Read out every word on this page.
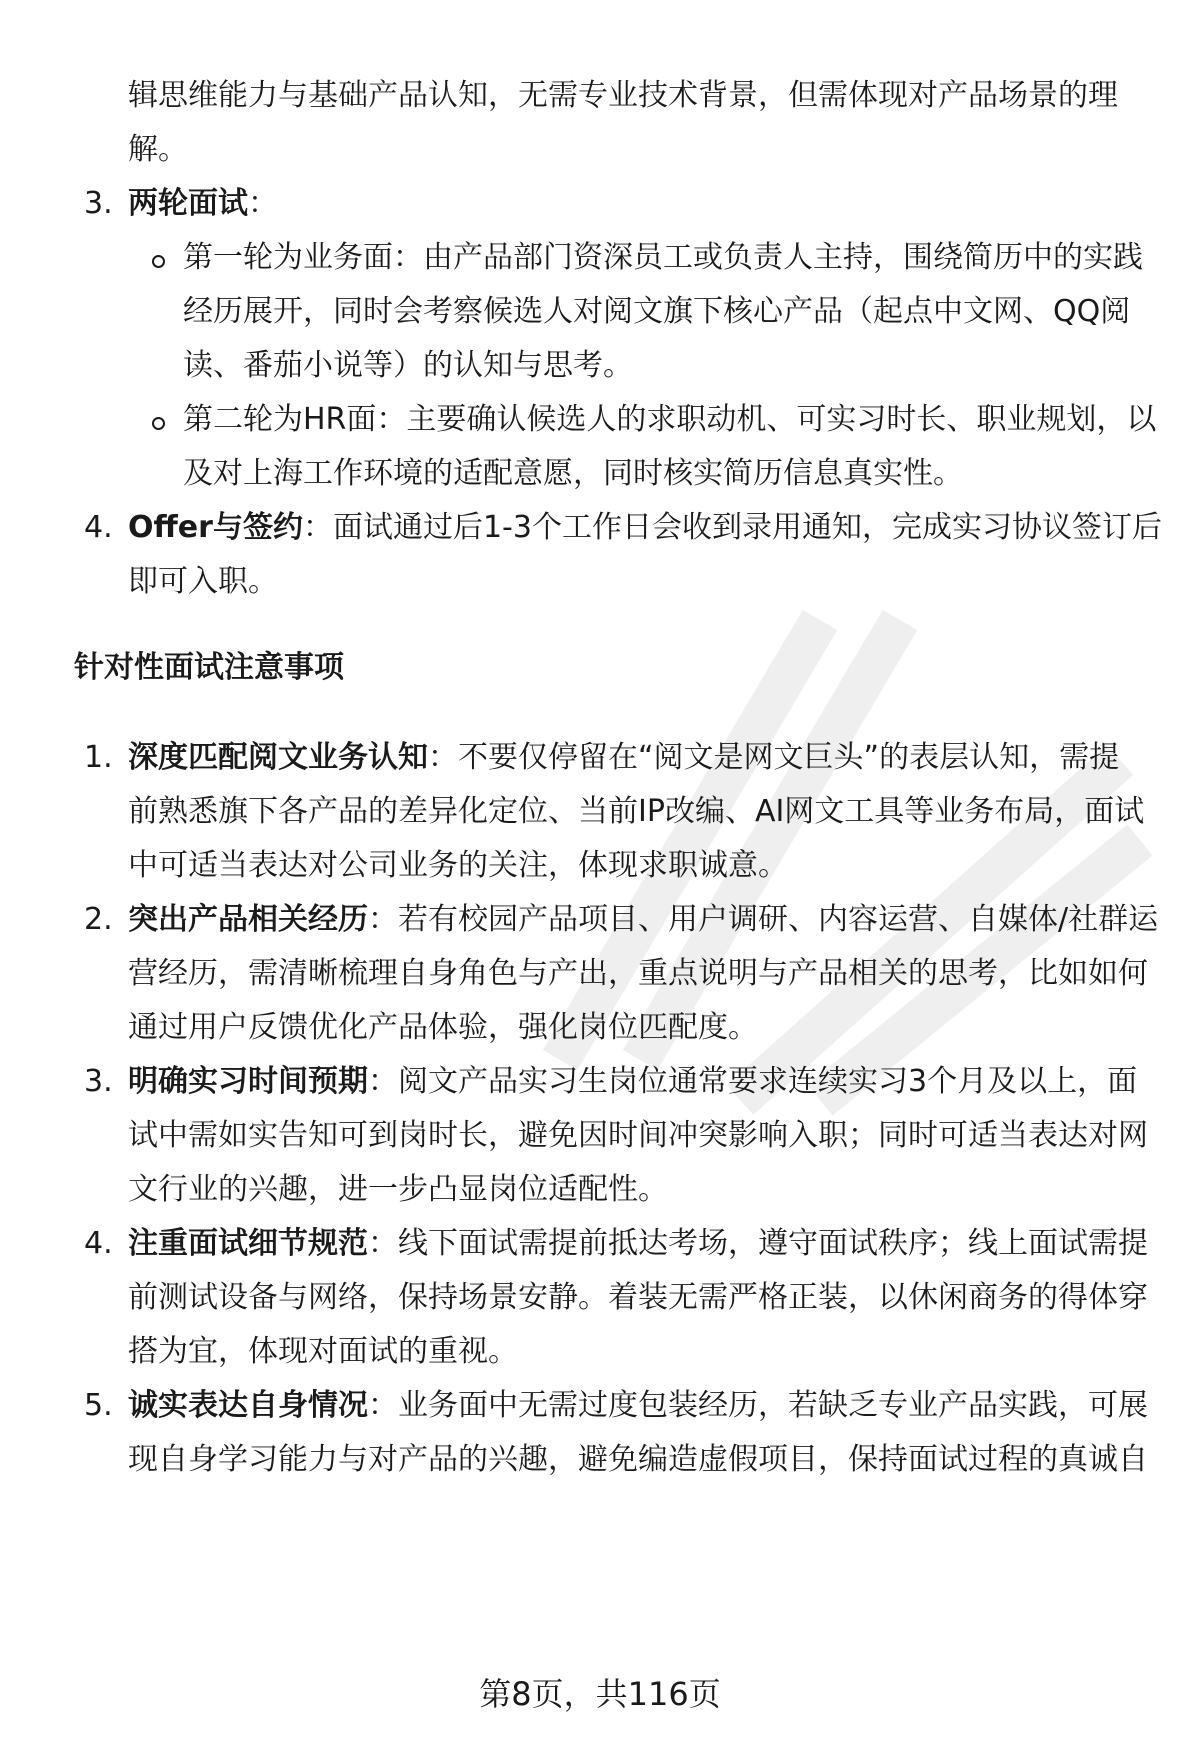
辑思维能力与基础产品认知，无需专业技术背景，但需体现对产品场景的理
解。
3. 两轮面试：
第一轮为业务面：由产品部门资深员工或负责人主持，围绕简历中的实践
经历展开，同时会考察候选人对阅文旗下核心产品（起点中文网、QQ阅
读、番茄小说等）的认知与思考。
第二轮为HR面：主要确认候选人的求职动机、可实习时长、职业规划，以
及对上海工作环境的适配意愿，同时核实简历信息真实性。
4. Offer与签约：面试通过后1-3个工作日会收到录用通知，完成实习协议签订后
即可入职。
针对性面试注意事项
1. 深度匹配阅文业务认知：不要仅停留在“阅文是网文巨头”的表层认知，需提
前熟悉旗下各产品的差异化定位、当前IP改编、AI网文工具等业务布局，面试
中可适当表达对公司业务的关注，体现求职诚意。
2. 突出产品相关经历：若有校园产品项目、用户调研、内容运营、自媒体/社群运
营经历，需清晰梳理自身角色与产出，重点说明与产品相关的思考，比如如何
通过用户反馈优化产品体验，强化岗位匹配度。
3. 明确实习时间预期：阅文产品实习生岗位通常要求连续实习3个月及以上，面
试中需如实告知可到岗时长，避免因时间冲突影响入职；同时可适当表达对网
文行业的兴趣，进一步凸显岗位适配性。
4. 注重面试细节规范：线下面试需提前抵达考场，遵守面试秩序；线上面试需提
前测试设备与网络，保持场景安静。着装无需严格正装，以休闲商务的得体穿
搭为宜，体现对面试的重视。
5. 诚实表达自身情况：业务面中无需过度包装经历，若缺乏专业产品实践，可展
现自身学习能力与对产品的兴趣，避免编造虚假项目，保持面试过程的真诚自
第8页，共116页
